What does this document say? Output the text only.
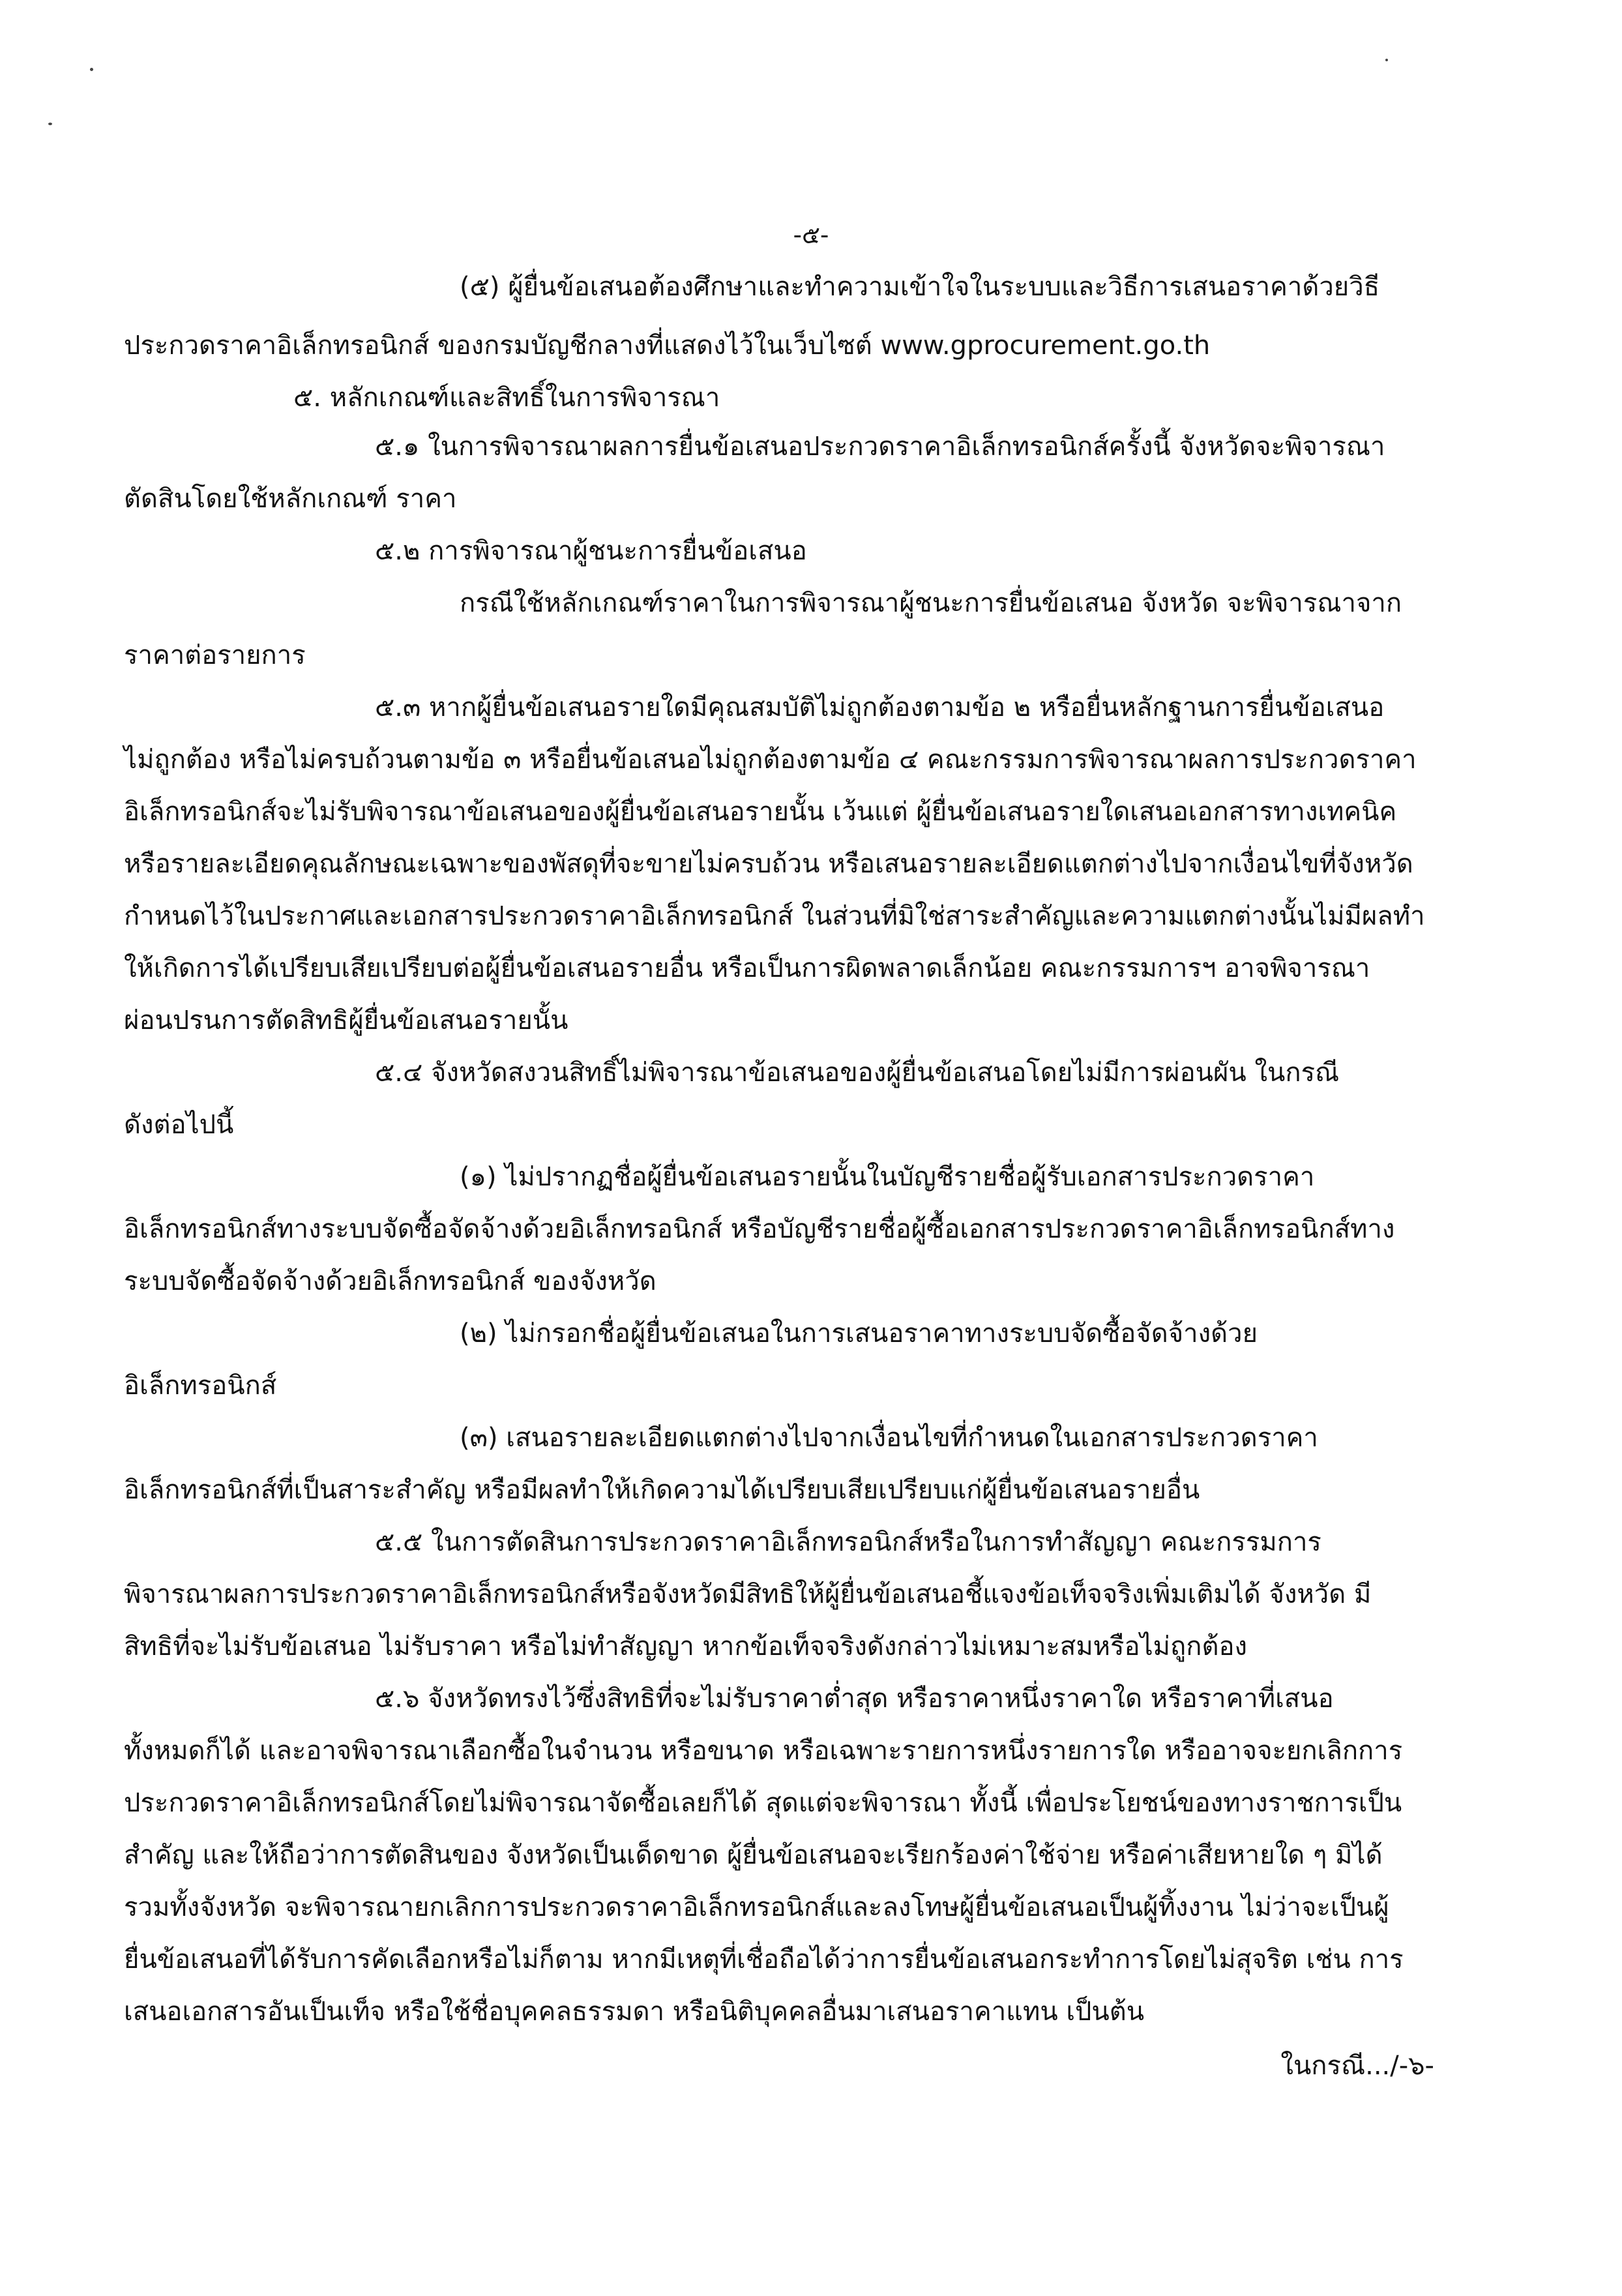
-๕-
(๕) ผู้ยื่นข้อเสนอต้องศึกษาและทำความเข้าใจในระบบและวิธีการเสนอราคาด้วยวิธี
ประกวดราคาอิเล็กทรอนิกส์ ของกรมบัญชีกลางที่แสดงไว้ในเว็บไซต์ www.gprocurement.go.th
๕. หลักเกณฑ์และสิทธิ์ในการพิจารณา
๕.๑ ในการพิจารณาผลการยื่นข้อเสนอประกวดราคาอิเล็กทรอนิกส์ครั้งนี้ จังหวัดจะพิจารณา
ตัดสินโดยใช้หลักเกณฑ์ ราคา
๕.๒ การพิจารณาผู้ชนะการยื่นข้อเสนอ
กรณีใช้หลักเกณฑ์ราคาในการพิจารณาผู้ชนะการยื่นข้อเสนอ จังหวัด จะพิจารณาจาก
ราคาต่อรายการ
๕.๓ หากผู้ยื่นข้อเสนอรายใดมีคุณสมบัติไม่ถูกต้องตามข้อ ๒ หรือยื่นหลักฐานการยื่นข้อเสนอ
ไม่ถูกต้อง หรือไม่ครบถ้วนตามข้อ ๓ หรือยื่นข้อเสนอไม่ถูกต้องตามข้อ ๔ คณะกรรมการพิจารณาผลการประกวดราคา
อิเล็กทรอนิกส์จะไม่รับพิจารณาข้อเสนอของผู้ยื่นข้อเสนอรายนั้น เว้นแต่ ผู้ยื่นข้อเสนอรายใดเสนอเอกสารทางเทคนิค
หรือรายละเอียดคุณลักษณะเฉพาะของพัสดุที่จะขายไม่ครบถ้วน หรือเสนอรายละเอียดแตกต่างไปจากเงื่อนไขที่จังหวัด
กำหนดไว้ในประกาศและเอกสารประกวดราคาอิเล็กทรอนิกส์ ในส่วนที่มิใช่สาระสำคัญและความแตกต่างนั้นไม่มีผลทำ
ให้เกิดการได้เปรียบเสียเปรียบต่อผู้ยื่นข้อเสนอรายอื่น หรือเป็นการผิดพลาดเล็กน้อย คณะกรรมการฯ อาจพิจารณา
ผ่อนปรนการตัดสิทธิผู้ยื่นข้อเสนอรายนั้น
๕.๔ จังหวัดสงวนสิทธิ์ไม่พิจารณาข้อเสนอของผู้ยื่นข้อเสนอโดยไม่มีการผ่อนผัน ในกรณี
ดังต่อไปนี้
(๑) ไม่ปรากฏชื่อผู้ยื่นข้อเสนอรายนั้นในบัญชีรายชื่อผู้รับเอกสารประกวดราคา
อิเล็กทรอนิกส์ทางระบบจัดซื้อจัดจ้างด้วยอิเล็กทรอนิกส์ หรือบัญชีรายชื่อผู้ซื้อเอกสารประกวดราคาอิเล็กทรอนิกส์ทาง
ระบบจัดซื้อจัดจ้างด้วยอิเล็กทรอนิกส์ ของจังหวัด
(๒) ไม่กรอกชื่อผู้ยื่นข้อเสนอในการเสนอราคาทางระบบจัดซื้อจัดจ้างด้วย
อิเล็กทรอนิกส์
(๓) เสนอรายละเอียดแตกต่างไปจากเงื่อนไขที่กำหนดในเอกสารประกวดราคา
อิเล็กทรอนิกส์ที่เป็นสาระสำคัญ หรือมีผลทำให้เกิดความได้เปรียบเสียเปรียบแก่ผู้ยื่นข้อเสนอรายอื่น
๕.๕ ในการตัดสินการประกวดราคาอิเล็กทรอนิกส์หรือในการทำสัญญา คณะกรรมการ
พิจารณาผลการประกวดราคาอิเล็กทรอนิกส์หรือจังหวัดมีสิทธิให้ผู้ยื่นข้อเสนอชี้แจงข้อเท็จจริงเพิ่มเติมได้ จังหวัด มี
สิทธิที่จะไม่รับข้อเสนอ ไม่รับราคา หรือไม่ทำสัญญา หากข้อเท็จจริงดังกล่าวไม่เหมาะสมหรือไม่ถูกต้อง
๕.๖ จังหวัดทรงไว้ซึ่งสิทธิที่จะไม่รับราคาต่ำสุด หรือราคาหนึ่งราคาใด หรือราคาที่เสนอ
ทั้งหมดก็ได้ และอาจพิจารณาเลือกซื้อในจำนวน หรือขนาด หรือเฉพาะรายการหนึ่งรายการใด หรืออาจจะยกเลิกการ
ประกวดราคาอิเล็กทรอนิกส์โดยไม่พิจารณาจัดซื้อเลยก็ได้ สุดแต่จะพิจารณา ทั้งนี้ เพื่อประโยชน์ของทางราชการเป็น
สำคัญ และให้ถือว่าการตัดสินของ จังหวัดเป็นเด็ดขาด ผู้ยื่นข้อเสนอจะเรียกร้องค่าใช้จ่าย หรือค่าเสียหายใด ๆ มิได้
รวมทั้งจังหวัด จะพิจารณายกเลิกการประกวดราคาอิเล็กทรอนิกส์และลงโทษผู้ยื่นข้อเสนอเป็นผู้ทิ้งงาน ไม่ว่าจะเป็นผู้
ยื่นข้อเสนอที่ได้รับการคัดเลือกหรือไม่ก็ตาม หากมีเหตุที่เชื่อถือได้ว่าการยื่นข้อเสนอกระทำการโดยไม่สุจริต เช่น การ
เสนอเอกสารอันเป็นเท็จ หรือใช้ชื่อบุคคลธรรมดา หรือนิติบุคคลอื่นมาเสนอราคาแทน เป็นต้น
ในกรณี.../-๖-
